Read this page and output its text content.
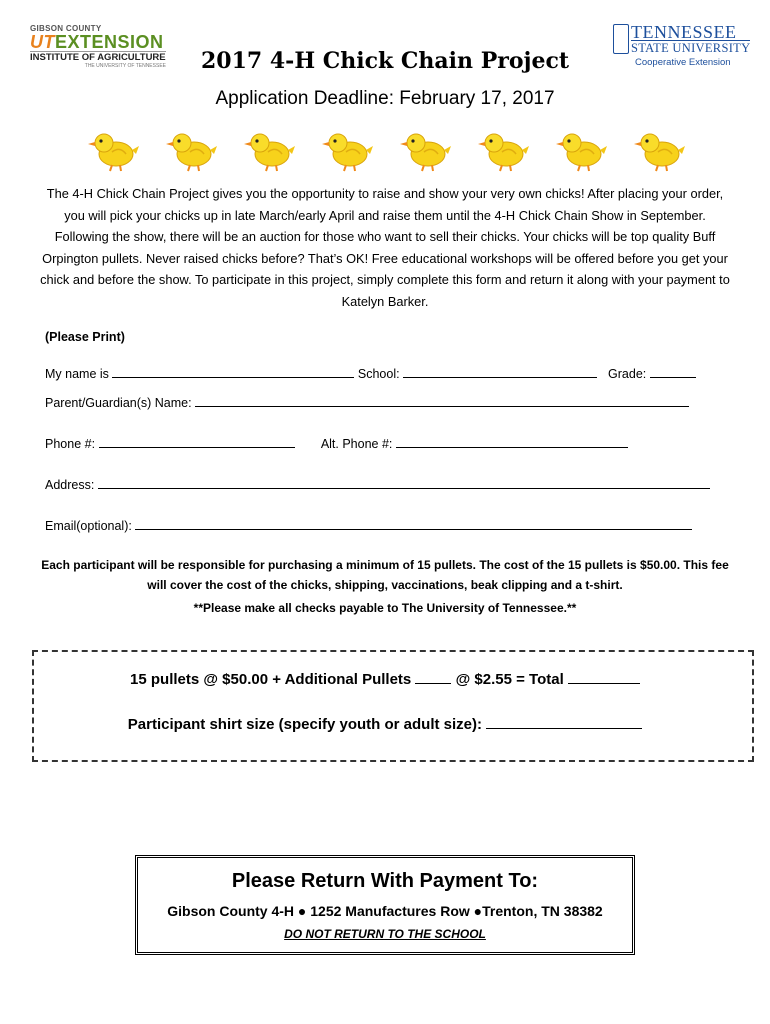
GIBSON COUNTY
UTEXTENSION
INSTITUTE OF AGRICULTURE
THE UNIVERSITY OF TENNESSEE
TENNESSEE
STATE UNIVERSITY
Cooperative Extension
2017 4-H Chick Chain Project
Application Deadline: February 17, 2017
The 4-H Chick Chain Project gives you the opportunity to raise and show your very own chicks! After placing your order, you will pick your chicks up in late March/early April and raise them until the 4-H Chick Chain Show in September. Following the show, there will be an auction for those who want to sell their chicks. Your chicks will be top quality Buff Orpington pullets. Never raised chicks before? That’s OK! Free educational workshops will be offered before you get your chick and before the show. To participate in this project, simply complete this form and return it along with your payment to Katelyn Barker.
(Please Print)
My name is	School:	Grade:
Parent/Guardian(s) Name:
Phone #:	Alt. Phone #:
Address:
Email(optional):
Each participant will be responsible for purchasing a minimum of 15 pullets. The cost of the 15 pullets is $50.00. This fee will cover the cost of the chicks, shipping, vaccinations, beak clipping and a t-shirt.
**Please make all checks payable to The University of Tennessee.**
15 pullets @ $50.00 + Additional Pullets	@ $2.55 = Total
Participant shirt size (specify youth or adult size):
Please Return With Payment To:
Gibson County 4-H ● 1252 Manufactures Row ●Trenton, TN 38382
DO NOT RETURN TO THE SCHOOL
